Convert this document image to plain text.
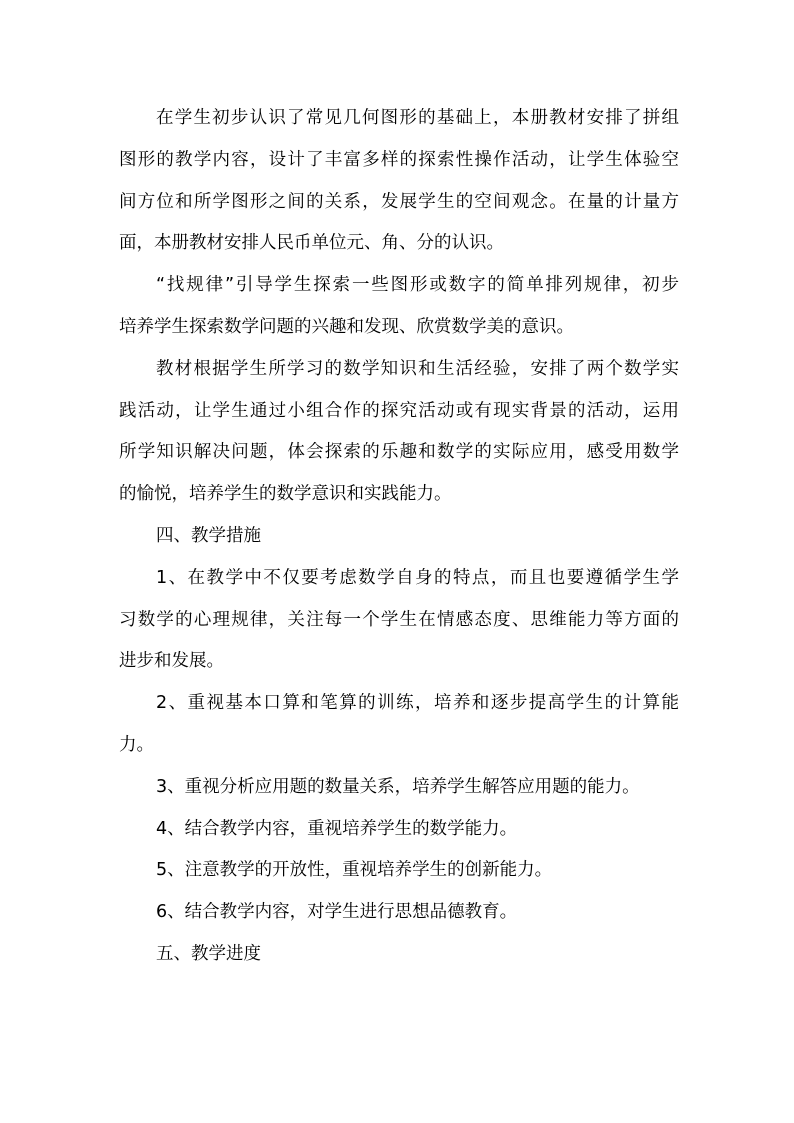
在学生初步认识了常见几何图形的基础上，本册教材安排了拼组
图形的教学内容，设计了丰富多样的探索性操作活动，让学生体验空
间方位和所学图形之间的关系，发展学生的空间观念。在量的计量方
面，本册教材安排人民币单位元、角、分的认识。
“找规律”引导学生探索一些图形或数字的简单排列规律，初步
培养学生探索数学问题的兴趣和发现、欣赏数学美的意识。
教材根据学生所学习的数学知识和生活经验，安排了两个数学实
践活动，让学生通过小组合作的探究活动或有现实背景的活动，运用
所学知识解决问题，体会探索的乐趣和数学的实际应用，感受用数学
的愉悦，培养学生的数学意识和实践能力。
四、教学措施
1、在教学中不仅要考虑数学自身的特点，而且也要遵循学生学
习数学的心理规律，关注每一个学生在情感态度、思维能力等方面的
进步和发展。
2、重视基本口算和笔算的训练，培养和逐步提高学生的计算能
力。
3、重视分析应用题的数量关系，培养学生解答应用题的能力。
4、结合教学内容，重视培养学生的数学能力。
5、注意教学的开放性，重视培养学生的创新能力。
6、结合教学内容，对学生进行思想品德教育。
五、教学进度
